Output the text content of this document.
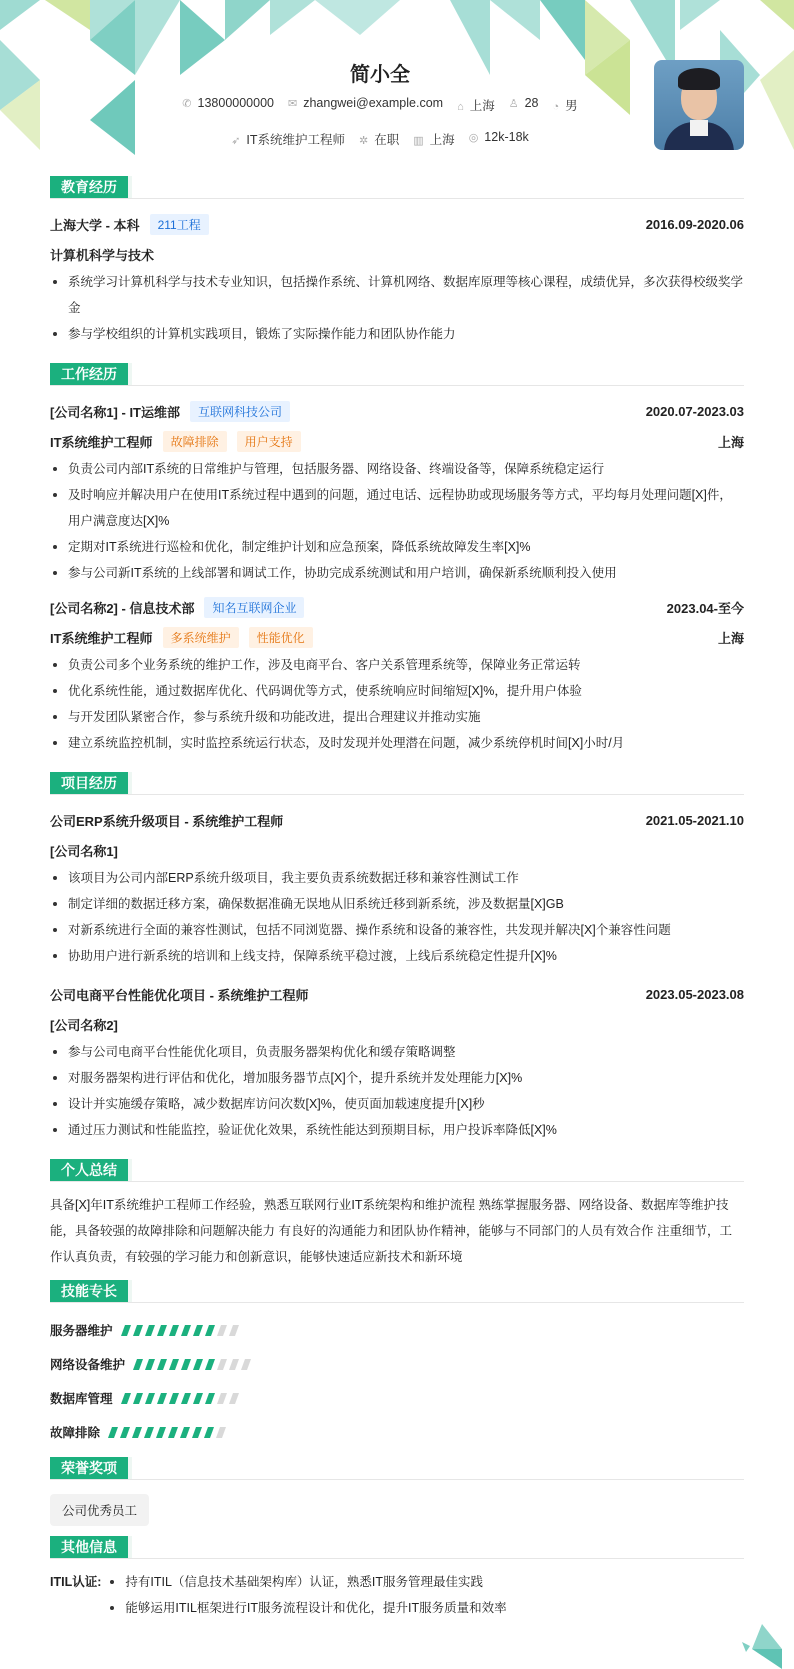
简小全
✆ 13800000000 ✉ zhangwei@example.com ⌂ 上海 ♙ 28 ◔ 男
➶ IT系统维护工程师 ✲ 在职 ▥ 上海 ◎ 12k-18k
教育经历
上海大学 - 本科	211工程	2016.09-2020.06
计算机科学与技术
系统学习计算机科学与技术专业知识，包括操作系统、计算机网络、数据库原理等核心课程，成绩优异，多次获得校级奖学金
参与学校组织的计算机实践项目，锻炼了实际操作能力和团队协作能力
工作经历
[公司名称1] - IT运维部	互联网科技公司	2020.07-2023.03
IT系统维护工程师	故障排除	用户支持	上海
负责公司内部IT系统的日常维护与管理，包括服务器、网络设备、终端设备等，保障系统稳定运行
及时响应并解决用户在使用IT系统过程中遇到的问题，通过电话、远程协助或现场服务等方式，平均每月处理问题[X]件，用户满意度达[X]%
定期对IT系统进行巡检和优化，制定维护计划和应急预案，降低系统故障发生率[X]%
参与公司新IT系统的上线部署和调试工作，协助完成系统测试和用户培训，确保新系统顺利投入使用
[公司名称2] - 信息技术部	知名互联网企业	2023.04-至今
IT系统维护工程师	多系统维护	性能优化	上海
负责公司多个业务系统的维护工作，涉及电商平台、客户关系管理系统等，保障业务正常运转
优化系统性能，通过数据库优化、代码调优等方式，使系统响应时间缩短[X]%，提升用户体验
与开发团队紧密合作，参与系统升级和功能改进，提出合理建议并推动实施
建立系统监控机制，实时监控系统运行状态，及时发现并处理潜在问题，减少系统停机时间[X]小时/月
项目经历
公司ERP系统升级项目 - 系统维护工程师	2021.05-2021.10
[公司名称1]
该项目为公司内部ERP系统升级项目，我主要负责系统数据迁移和兼容性测试工作
制定详细的数据迁移方案，确保数据准确无误地从旧系统迁移到新系统，涉及数据量[X]GB
对新系统进行全面的兼容性测试，包括不同浏览器、操作系统和设备的兼容性，共发现并解决[X]个兼容性问题
协助用户进行新系统的培训和上线支持，保障系统平稳过渡，上线后系统稳定性提升[X]%
公司电商平台性能优化项目 - 系统维护工程师	2023.05-2023.08
[公司名称2]
参与公司电商平台性能优化项目，负责服务器架构优化和缓存策略调整
对服务器架构进行评估和优化，增加服务器节点[X]个，提升系统并发处理能力[X]%
设计并实施缓存策略，减少数据库访问次数[X]%，使页面加载速度提升[X]秒
通过压力测试和性能监控，验证优化效果，系统性能达到预期目标，用户投诉率降低[X]%
个人总结

具备[X]年IT系统维护工程师工作经验，熟悉互联网行业IT系统架构和维护流程 熟练掌握服务器、网络设备、数据库等维护技能，具备较强的故障排除和问题解决能力 有良好的沟通能力和团队协作精神，能够与不同部门的人员有效合作 注重细节，工作认真负责，有较强的学习能力和创新意识，能够快速适应新技术和新环境

技能专长
服务器维护
网络设备维护
数据库管理
故障排除
荣誉奖项
公司优秀员工
其他信息
ITIL认证:	持有ITIL（信息技术基础架构库）认证，熟悉IT服务管理最佳实践
能够运用ITIL框架进行IT服务流程设计和优化，提升IT服务质量和效率
